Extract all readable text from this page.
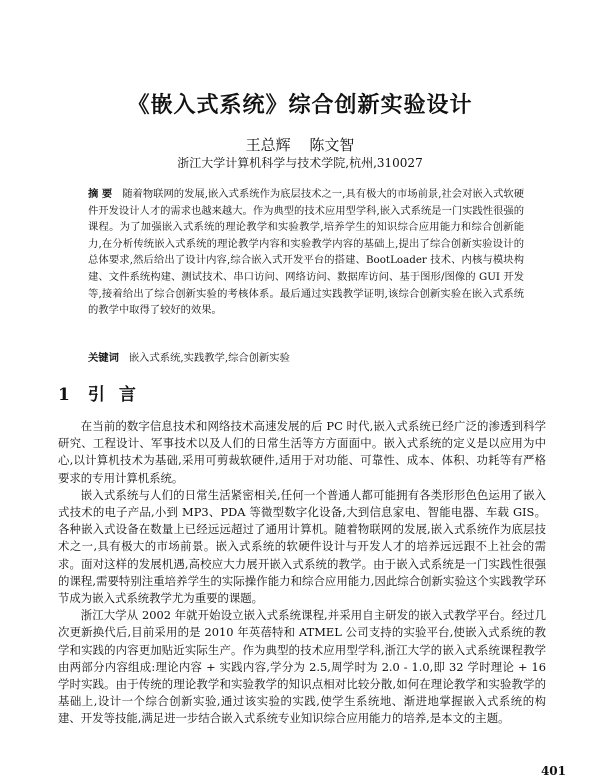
《嵌入式系统》综合创新实验设计
王总辉 陈文智
浙江大学计算机科学与技术学院,杭州,310027
摘 要 随着物联网的发展,嵌入式系统作为底层技术之一,具有极大的市场前景,社会对嵌入式软硬件开发设计人才的需求也越来越大。作为典型的技术应用型学科,嵌入式系统是一门实践性很强的课程。为了加强嵌入式系统的理论教学和实验教学,培养学生的知识综合应用能力和综合创新能力,在分析传统嵌入式系统的理论教学内容和实验教学内容的基础上,提出了综合创新实验设计的总体要求,然后给出了设计内容,综合嵌入式开发平台的搭建、BootLoader 技术、内核与模块构建、文件系统构建、测试技术、串口访问、网络访问、数据库访问、基于图形/图像的 GUI 开发等,接着给出了综合创新实验的考核体系。最后通过实践教学证明,该综合创新实验在嵌入式系统的教学中取得了较好的效果。
关键词 嵌入式系统,实践教学,综合创新实验
1 引言

在当前的数字信息技术和网络技术高速发展的后 PC 时代,嵌入式系统已经广泛的渗透到科学研究、工程设计、军事技术以及人们的日常生活等方方面面中。嵌入式系统的定义是以应用为中心,以计算机技术为基础,采用可剪裁软硬件,适用于对功能、可靠性、成本、体积、功耗等有严格要求的专用计算机系统。

嵌入式系统与人们的日常生活紧密相关,任何一个普通人都可能拥有各类形形色色运用了嵌入式技术的电子产品,小到 MP3、PDA 等微型数字化设备,大到信息家电、智能电器、车载 GIS。各种嵌入式设备在数量上已经远远超过了通用计算机。随着物联网的发展,嵌入式系统作为底层技术之一,具有极大的市场前景。嵌入式系统的软硬件设计与开发人才的培养远远跟不上社会的需求。面对这样的发展机遇,高校应大力展开嵌入式系统的教学。由于嵌入式系统是一门实践性很强的课程,需要特别注重培养学生的实际操作能力和综合应用能力,因此综合创新实验这个实践教学环节成为嵌入式系统教学尤为重要的课题。

浙江大学从 2002 年就开始设立嵌入式系统课程,并采用自主研发的嵌入式教学平台。经过几次更新换代后,目前采用的是 2010 年英蓓特和 ATMEL 公司支持的实验平台,使嵌入式系统的教学和实践的内容更加贴近实际生产。作为典型的技术应用型学科,浙江大学的嵌入式系统课程教学由两部分内容组成:理论内容 + 实践内容,学分为 2.5,周学时为 2.0 - 1.0,即 32 学时理论 + 16 学时实践。由于传统的理论教学和实验教学的知识点相对比较分散,如何在理论教学和实验教学的基础上,设计一个综合创新实验,通过该实验的实践,使学生系统地、渐进地掌握嵌入式系统的构建、开发等技能,满足进一步结合嵌入式系统专业知识综合应用能力的培养,是本文的主题。

401
